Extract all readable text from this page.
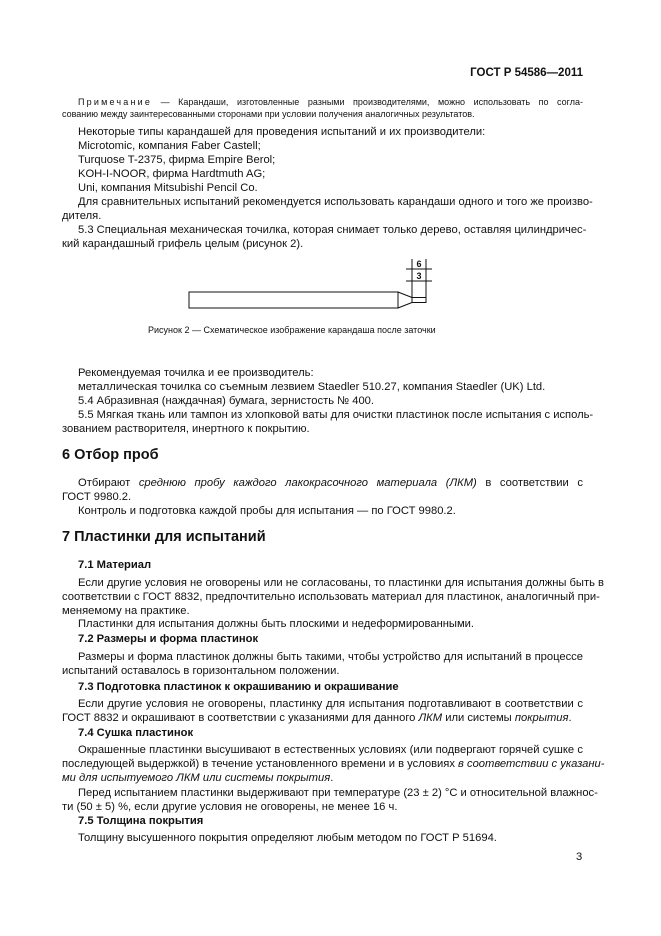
ГОСТ Р 54586—2011
Примечание — Карандаши, изготовленные разными производителями, можно использовать по согла-
сованию между заинтересованными сторонами при условии получения аналогичных результатов.
Некоторые типы карандашей для проведения испытаний и их производители:
Microtomic, компания Faber Castell;
Turquose T-2375, фирма Empire Berol;
KOH-I-NOOR, фирма Hardtmuth AG;
Uni, компания Mitsubishi Pencil Co.
Для сравнительных испытаний рекомендуется использовать карандаши одного и того же произво-
дителя.
5.3 Специальная механическая точилка, которая снимает только дерево, оставляя цилиндричес-
кий карандашный грифель целым (рисунок 2).
6
3
Рисунок 2 — Схематическое изображение карандаша после заточки
Рекомендуемая точилка и ее производитель:
металлическая точилка со съемным лезвием Staedler 510.27, компания Staedler (UK) Ltd.
5.4 Абразивная (наждачная) бумага, зернистость № 400.
5.5 Мягкая ткань или тампон из хлопковой ваты для очистки пластинок после испытания с исполь-
зованием растворителя, инертного к покрытию.
6 Отбор проб
Отбирают среднюю пробу каждого лакокрасочного материала (ЛКМ) в соответствии с
ГОСТ 9980.2.
Контроль и подготовка каждой пробы для испытания — по ГОСТ 9980.2.
7 Пластинки для испытаний
7.1 Материал
Если другие условия не оговорены или не согласованы, то пластинки для испытания должны быть в
соответствии с ГОСТ 8832, предпочтительно использовать материал для пластинок, аналогичный при-
меняемому на практике.
Пластинки для испытания должны быть плоскими и недеформированными.
7.2 Размеры и форма пластинок
Размеры и форма пластинок должны быть такими, чтобы устройство для испытаний в процессе
испытаний оставалось в горизонтальном положении.
7.3 Подготовка пластинок к окрашиванию и окрашивание
Если другие условия не оговорены, пластинку для испытания подготавливают в соответствии с
ГОСТ 8832 и окрашивают в соответствии с указаниями для данного ЛКМ или системы покрытия.
7.4 Сушка пластинок
Окрашенные пластинки высушивают в естественных условиях (или подвергают горячей сушке с
последующей выдержкой) в течение установленного времени и в условиях в соответствии с указани-
ми для испытуемого ЛКМ или системы покрытия.
Перед испытанием пластинки выдерживают при температуре (23 ± 2) °C и относительной влажнос-
ти (50 ± 5) %, если другие условия не оговорены, не менее 16 ч.
7.5 Толщина покрытия
Толщину высушенного покрытия определяют любым методом по ГОСТ Р 51694.
3
